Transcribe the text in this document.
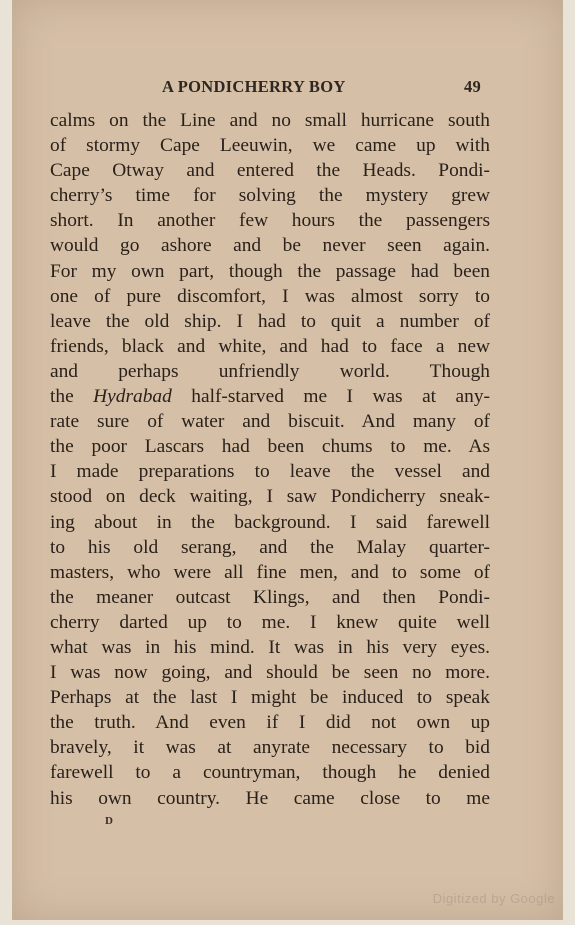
A PONDICHERRY BOY	49
calms on the Line and no small hurricane south
of stormy Cape Leeuwin, we came up with
Cape Otway and entered the Heads. Pondi-
cherry’s time for solving the mystery grew
short. In another few hours the passengers
would go ashore and be never seen again.
For my own part, though the passage had been
one of pure discomfort, I was almost sorry to
leave the old ship. I had to quit a number of
friends, black and white, and had to face a new
and perhaps unfriendly world. Though
the Hydrabad half-starved me I was at any-
rate sure of water and biscuit. And many of
the poor Lascars had been chums to me. As
I made preparations to leave the vessel and
stood on deck waiting, I saw Pondicherry sneak-
ing about in the background. I said farewell
to his old serang, and the Malay quarter-
masters, who were all fine men, and to some of
the meaner outcast Klings, and then Pondi-
cherry darted up to me. I knew quite well
what was in his mind. It was in his very eyes.
I was now going, and should be seen no more.
Perhaps at the last I might be induced to speak
the truth. And even if I did not own up
bravely, it was at anyrate necessary to bid
farewell to a countryman, though he denied
his own country. He came close to me
D
Digitized by Google
